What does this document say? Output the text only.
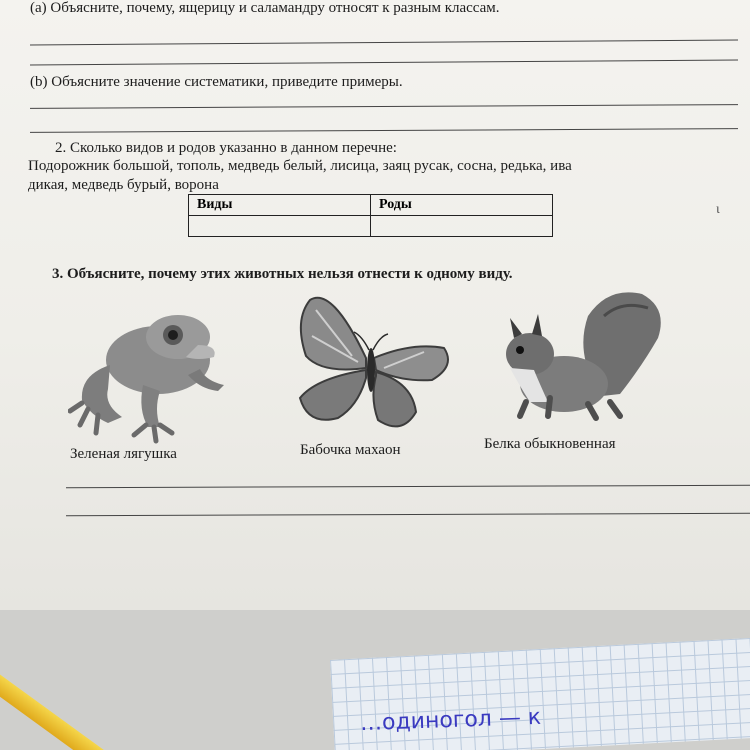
…одиногол — к
(a) Объясните, почему, ящерицу и саламандру относят к разным классам.
(b) Объясните значение систематики, приведите примеры.
2. Сколько видов и родов указанно в данном перечне:
Подорожник большой, тополь, медведь белый, лисица, заяц русак, сосна, редька, ива
дикая, медведь бурый, ворона
Виды	Роды
		ι
3. Объясните, почему этих животных нельзя отнести к одному виду.
Зеленая лягушка	Бабочка махаон	Белка обыкновенная
